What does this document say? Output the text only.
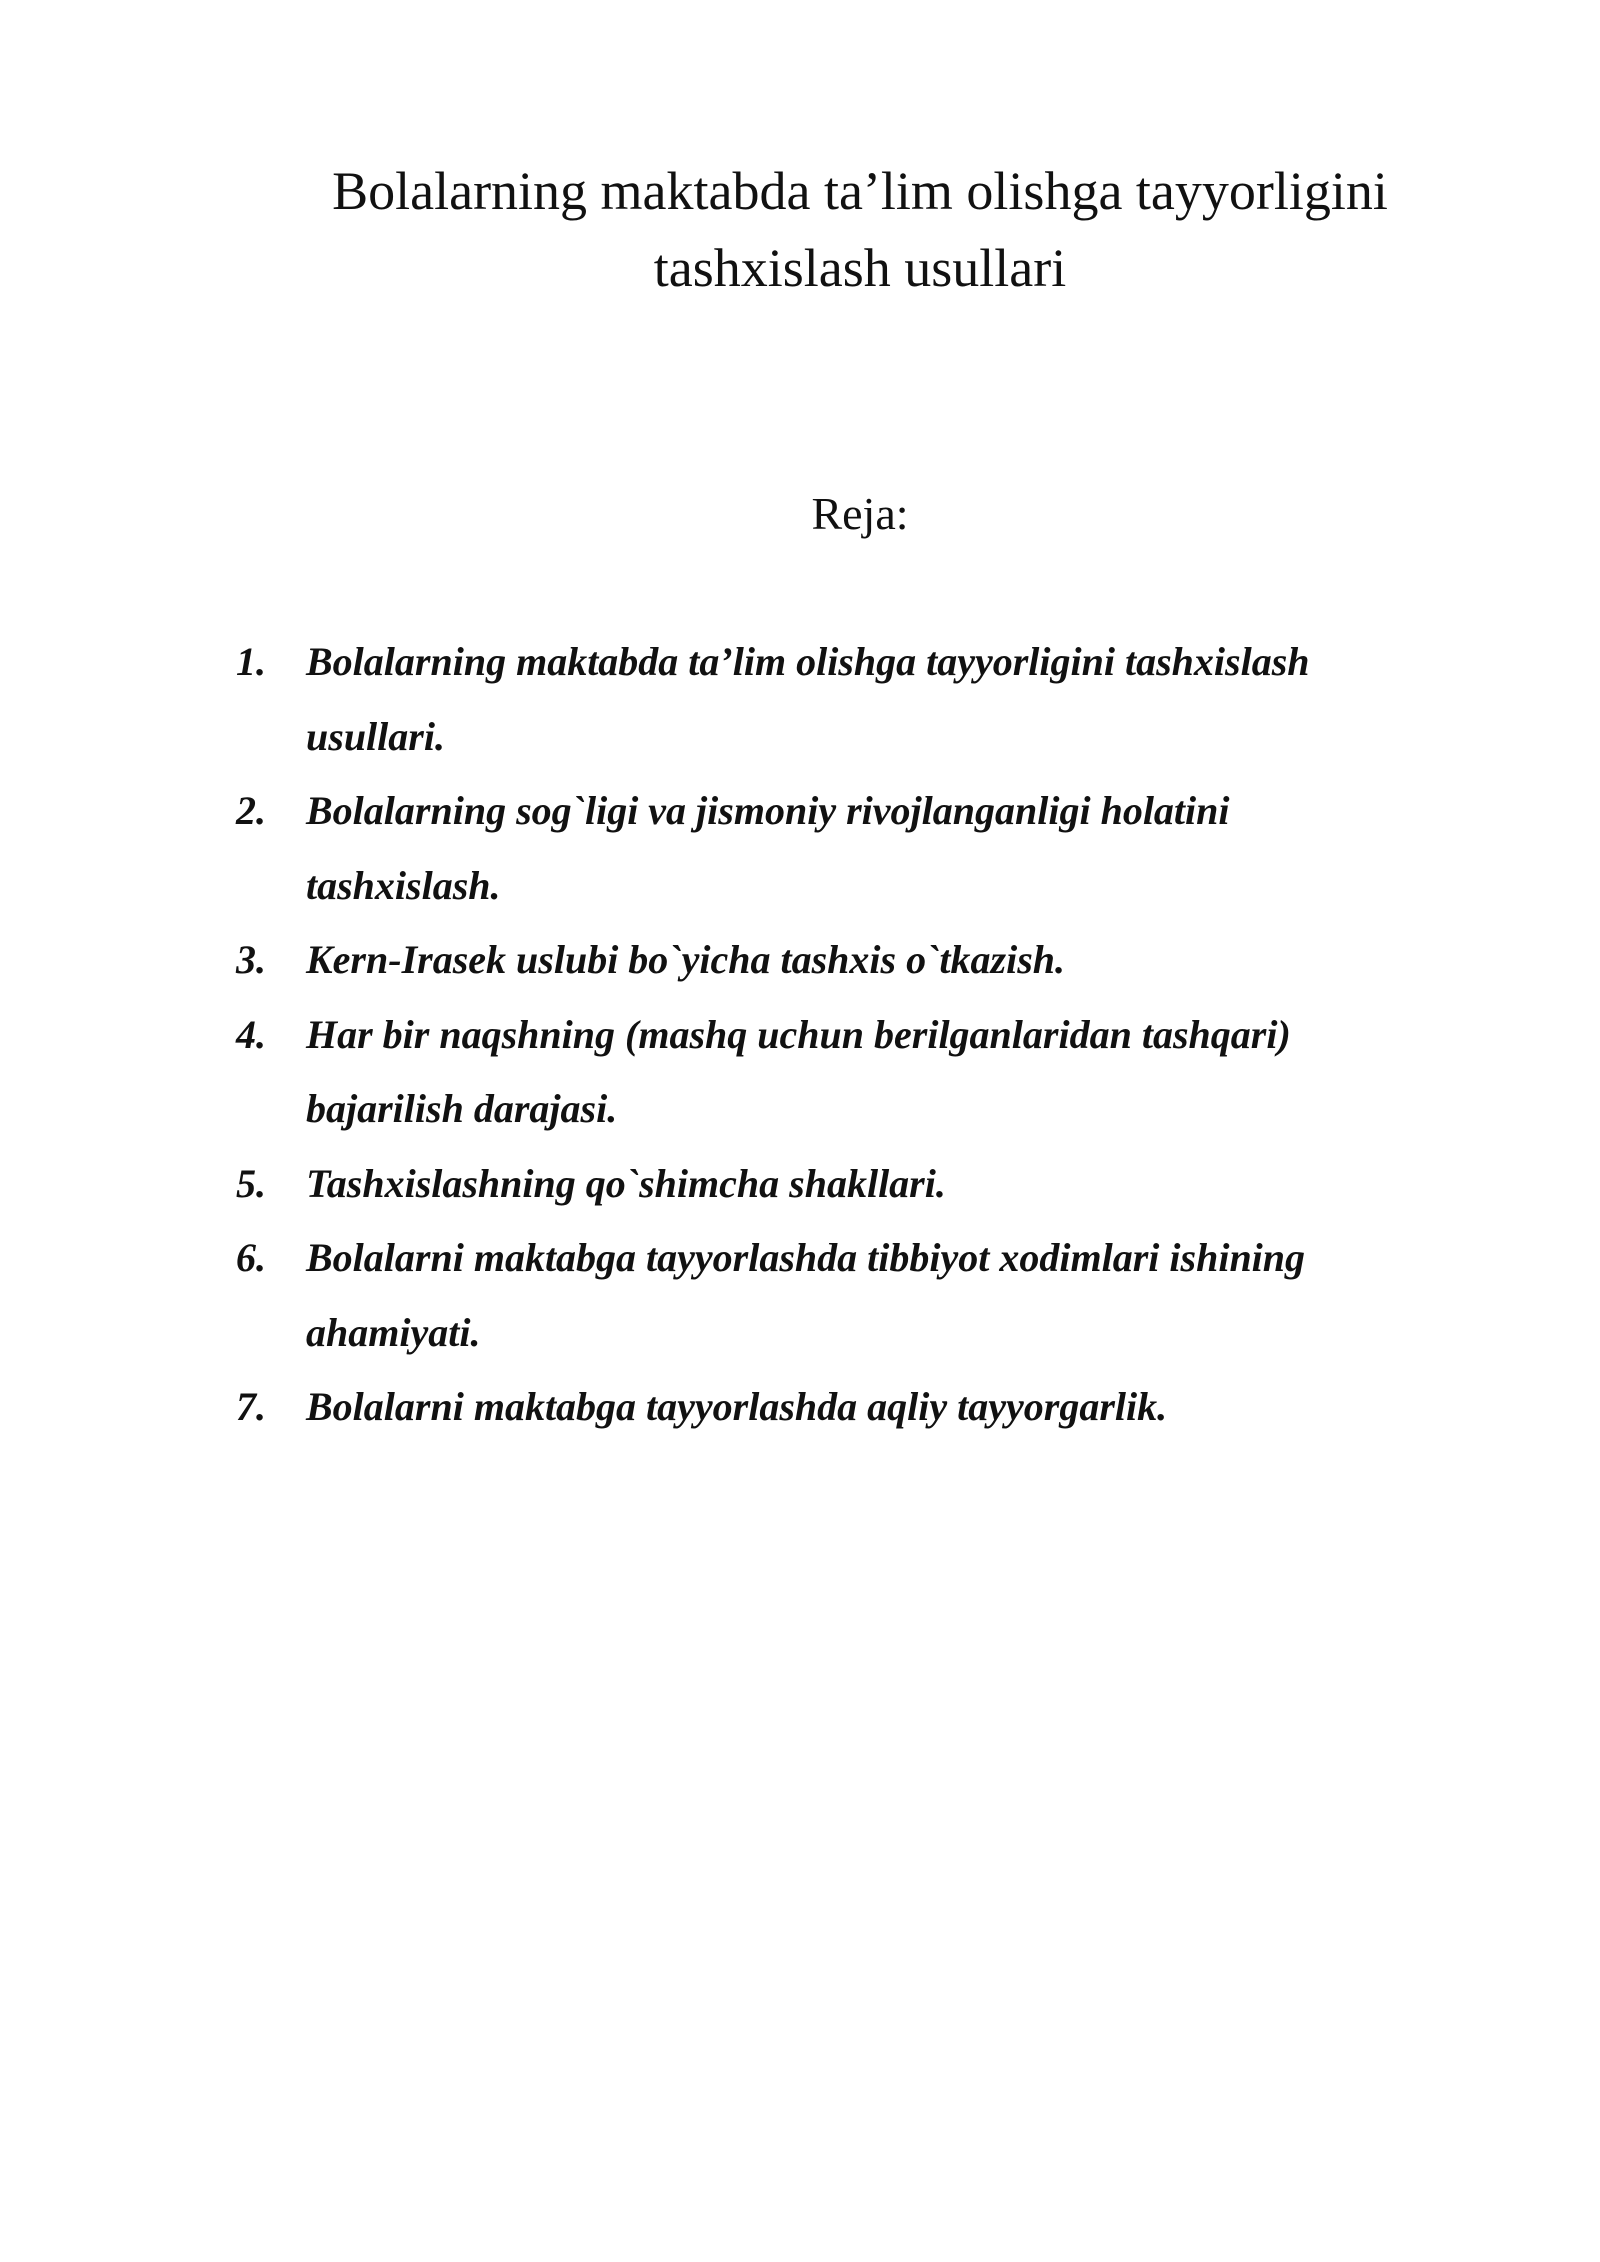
Bolalarning maktabda ta’lim olishga tayyorligini tashxislash usullari

Reja:

1. Bolalarning maktabda ta’lim olishga tayyorligini tashxislash usullari.
2. Bolalarning sog`ligi va jismoniy rivojlanganligi holatini tashxislash.
3. Kern-Irasek uslubi bo`yicha tashxis o`tkazish.
4. Har bir naqshning (mashq uchun berilganlaridan tashqari) bajarilish darajasi.
5. Tashxislashning qo`shimcha shakllari.
6. Bolalarni maktabga tayyorlashda tibbiyot xodimlari ishining ahamiyati.
7. Bolalarni maktabga tayyorlashda aqliy tayyorgarlik.
